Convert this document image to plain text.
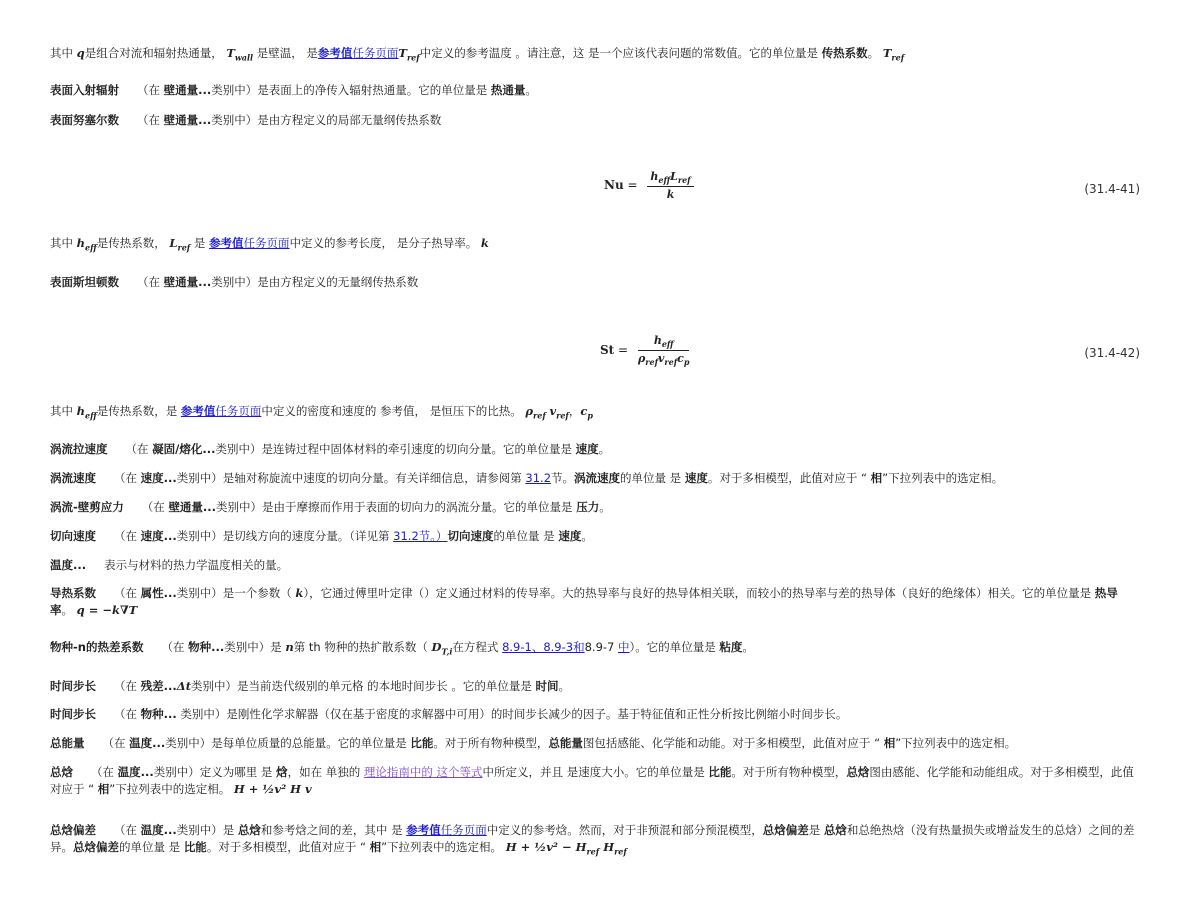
其中 q是组合对流和辐射热通量， $T_{wall}$ 是壁温， 是参考值任务页面$T_{ref}$中定义的参考温度 。请注意，这 是一个应该代表问题的常数值。它的单位量是 传热系数。 $T_{ref}$
表面入射辐射 （在 壁通量...类别中）是表面上的净传入辐射热通量。它的单位量是 热通量。
表面努塞尔数 （在 壁通量...类别中）是由方程定义的局部无量纲传热系数
$Nu = \frac{h_{eff}L_{ref}}{k}$	(31.4-41)
其中 $h_{eff}$是传热系数， $L_{ref}$ 是 参考值任务页面中定义的参考长度， 是分子热导率。 k
表面斯坦顿数 （在 壁通量...类别中）是由方程定义的无量纲传热系数
$St = \frac{h_{eff}}{\rho_{ref}v_{ref}c_p}$	(31.4-42)
其中 $h_{eff}$是传热系数，是 参考值任务页面中定义的密度和速度的 参考值， 是恒压下的比热。 $\rho_{ref}$ $v_{ref}$，$c_p$
涡流拉速度 （在 凝固/熔化...类别中）是连铸过程中固体材料的牵引速度的切向分量。它的单位量是 速度。
涡流速度 （在 速度...类别中）是轴对称旋流中速度的切向分量。有关详细信息，请参阅第 31.2节。涡流速度的单位量 是 速度。对于多相模型，此值对应于 “ 相”下拉列表中的选定相。
涡流-壁剪应力 （在 壁通量...类别中）是由于摩擦而作用于表面的切向力的涡流分量。它的单位量是 压力。
切向速度 （在 速度...类别中）是切线方向的速度分量。（详见第 31.2节。）切向速度的单位量 是 速度。
温度... 表示与材料的热力学温度相关的量。
导热系数 （在 属性...类别中）是一个参数（ k），它通过傅里叶定律（）定义通过材料的传导率。大的热导率与良好的热导体相关联，而较小的热导率与差的热导体（良好的绝缘体）相关。它的单位量是 热导率。 q = −k∇T
物种-n的热差系数 （在 物种...类别中）是 n第 th 物种的热扩散系数（ $D_{T,i}$在方程式 8.9-1、8.9-3和8.9-7 中）。它的单位量是 粘度。
时间步长 （在 残差...Δt类别中）是当前迭代级别的单元格 的本地时间步长 。它的单位量是 时间。
时间步长 （在 物种... 类别中）是刚性化学求解器（仅在基于密度的求解器中可用）的时间步长减少的因子。基于特征值和正性分析按比例缩小时间步长。
总能量 （在 温度...类别中）是每单位质量的总能量。它的单位量是 比能。对于所有物种模型，总能量图包括感能、化学能和动能。对于多相模型，此值对应于 “ 相”下拉列表中的选定相。
总焓 （在 温度...类别中）定义为哪里 是 焓，如在 单独的 理论指南中的 这个等式中所定义，并且 是速度大小。它的单位量是 比能。对于所有物种模型，总焓图由感能、化学能和动能组成。对于多相模型，此值对应于 “ 相”下拉列表中的选定相。 H + ½v² H v
总焓偏差 （在 温度...类别中）是 总焓和参考焓之间的差，其中 是 参考值任务页面中定义的参考焓。然而，对于非预混和部分预混模型，总焓偏差是 总焓和总绝热焓（没有热量损失或增益发生的总焓）之间的差异。总焓偏差的单位量 是 比能。对于多相模型，此值对应于 “ 相”下拉列表中的选定相。 H + ½v² − $H_{ref}$ $H_{ref}$
